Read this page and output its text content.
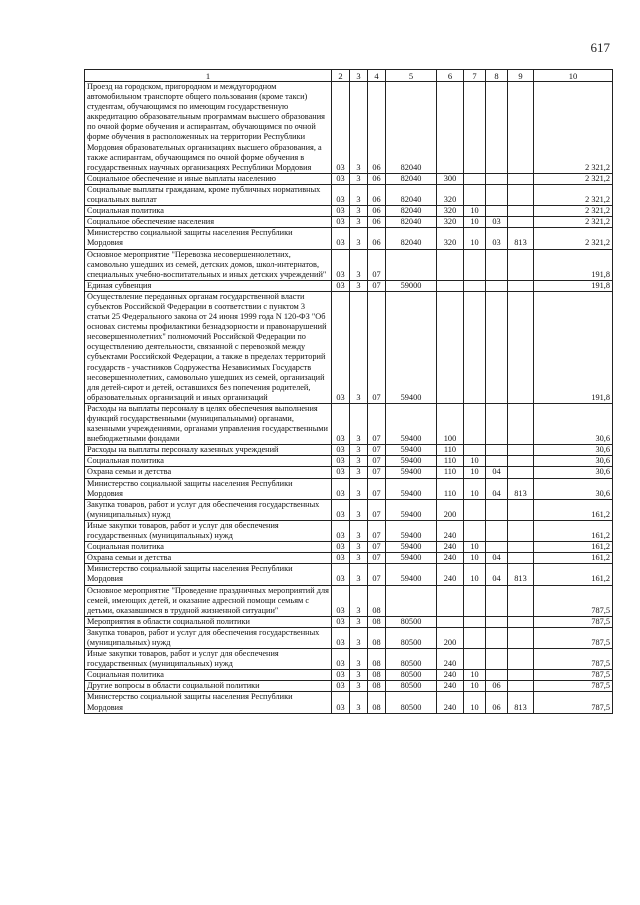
617
1	2	3	4	5	6	7	8	9	10
Проезд на городском, пригородном и междугородном автомобильном транспорте общего пользования (кроме такси) студентам, обучающимся по имеющим государственную аккредитацию образовательным программам высшего образования по очной форме обучения и аспирантам, обучающимся по очной форме обучения в расположенных на территории Республики Мордовия образовательных организациях высшего образования, а также аспирантам, обучающимся по очной форме обучения в государственных научных организациях Республики Мордовия	03	3	06	82040					2 321,2
Социальное обеспечение и иные выплаты населению	03	3	06	82040	300				2 321,2
Социальные выплаты гражданам, кроме публичных нормативных социальных выплат	03	3	06	82040	320				2 321,2
Социальная политика	03	3	06	82040	320	10			2 321,2
Социальное обеспечение населения	03	3	06	82040	320	10	03		2 321,2
Министерство социальной защиты населения Республики Мордовия	03	3	06	82040	320	10	03	813	2 321,2
Основное мероприятие "Перевозка несовершеннолетних, самовольно ушедших из семей, детских домов, школ-интернатов, специальных учебно-воспитательных и иных детских учреждений"	03	3	07						191,8
Единая субвенция	03	3	07	59000					191,8
Осуществление переданных органам государственной власти субъектов Российской Федерации в соответствии с пунктом 3 статьи 25 Федерального закона от 24 июня 1999 года N 120-ФЗ "Об основах системы профилактики безнадзорности и правонарушений несовершеннолетних" полномочий Российской Федерации по осуществлению деятельности, связанной с перевозкой между субъектами Российской Федерации, а также в пределах территорий государств - участников Содружества Независимых Государств несовершеннолетних, самовольно ушедших из семей, организаций для детей-сирот и детей, оставшихся без попечения родителей, образовательных организаций и иных организаций	03	3	07	59400					191,8
Расходы на выплаты персоналу в целях обеспечения выполнения функций государственными (муниципальными) органами, казенными учреждениями, органами управления государственными внебюджетными фондами	03	3	07	59400	100				30,6
Расходы на выплаты персоналу казенных учреждений	03	3	07	59400	110				30,6
Социальная политика	03	3	07	59400	110	10			30,6
Охрана семьи и детства	03	3	07	59400	110	10	04		30,6
Министерство социальной защиты населения Республики Мордовия	03	3	07	59400	110	10	04	813	30,6
Закупка товаров, работ и услуг для обеспечения государственных (муниципальных) нужд	03	3	07	59400	200				161,2
Иные закупки товаров, работ и услуг для обеспечения государственных (муниципальных) нужд	03	3	07	59400	240				161,2
Социальная политика	03	3	07	59400	240	10			161,2
Охрана семьи и детства	03	3	07	59400	240	10	04		161,2
Министерство социальной защиты населения Республики Мордовия	03	3	07	59400	240	10	04	813	161,2
Основное мероприятие "Проведение праздничных мероприятий для семей, имеющих детей, и оказание адресной помощи семьям с детьми, оказавшимся в трудной жизненной ситуации"	03	3	08						787,5
Мероприятия в области социальной политики	03	3	08	80500					787,5
Закупка товаров, работ и услуг для обеспечения государственных (муниципальных) нужд	03	3	08	80500	200				787,5
Иные закупки товаров, работ и услуг для обеспечения государственных (муниципальных) нужд	03	3	08	80500	240				787,5
Социальная политика	03	3	08	80500	240	10			787,5
Другие вопросы в области социальной политики	03	3	08	80500	240	10	06		787,5
Министерство социальной защиты населения Республики Мордовия	03	3	08	80500	240	10	06	813	787,5
